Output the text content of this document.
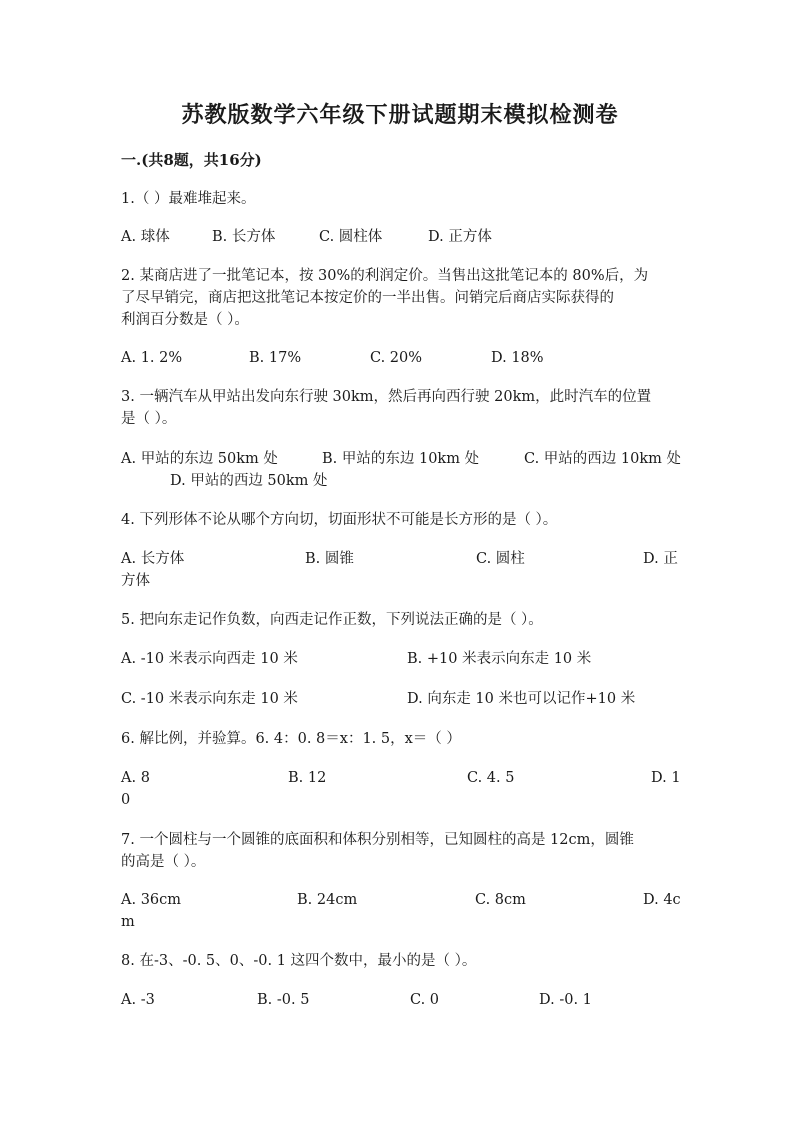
苏教版数学六年级下册试题期末模拟检测卷
一.(共8题，共16分)
1.（ ）最难堆起来。
A. 球体	B. 长方体	C. 圆柱体	D. 正方体
2. 某商店进了一批笔记本，按 30%的利润定价。当售出这批笔记本的 80%后，为
了尽早销完，商店把这批笔记本按定价的一半出售。问销完后商店实际获得的
利润百分数是（ ）。
A. 1. 2%	B. 17%	C. 20%	D. 18%
3. 一辆汽车从甲站出发向东行驶 30km，然后再向西行驶 20km，此时汽车的位置
是（ ）。
A. 甲站的东边 50km 处	B. 甲站的东边 10km 处	C. 甲站的西边 10km 处
D. 甲站的西边 50km 处
4. 下列形体不论从哪个方向切，切面形状不可能是长方形的是（ ）。
A. 长方体	B. 圆锥	C. 圆柱	D. 正
方体
5. 把向东走记作负数，向西走记作正数，下列说法正确的是（ ）。
A. -10 米表示向西走 10 米	B. +10 米表示向东走 10 米
C. -10 米表示向东走 10 米	D. 向东走 10 米也可以记作+10 米
6. 解比例，并验算。6. 4：0. 8＝x：1. 5，x＝（ ）
A. 8	B. 12	C. 4. 5	D. 1
0
7. 一个圆柱与一个圆锥的底面积和体积分别相等，已知圆柱的高是 12cm，圆锥
的高是（ ）。
A. 36cm	B. 24cm	C. 8cm	D. 4c
m
8. 在-3、-0. 5、0、-0. 1 这四个数中，最小的是（ ）。
A. -3	B. -0. 5	C. 0	D. -0. 1
